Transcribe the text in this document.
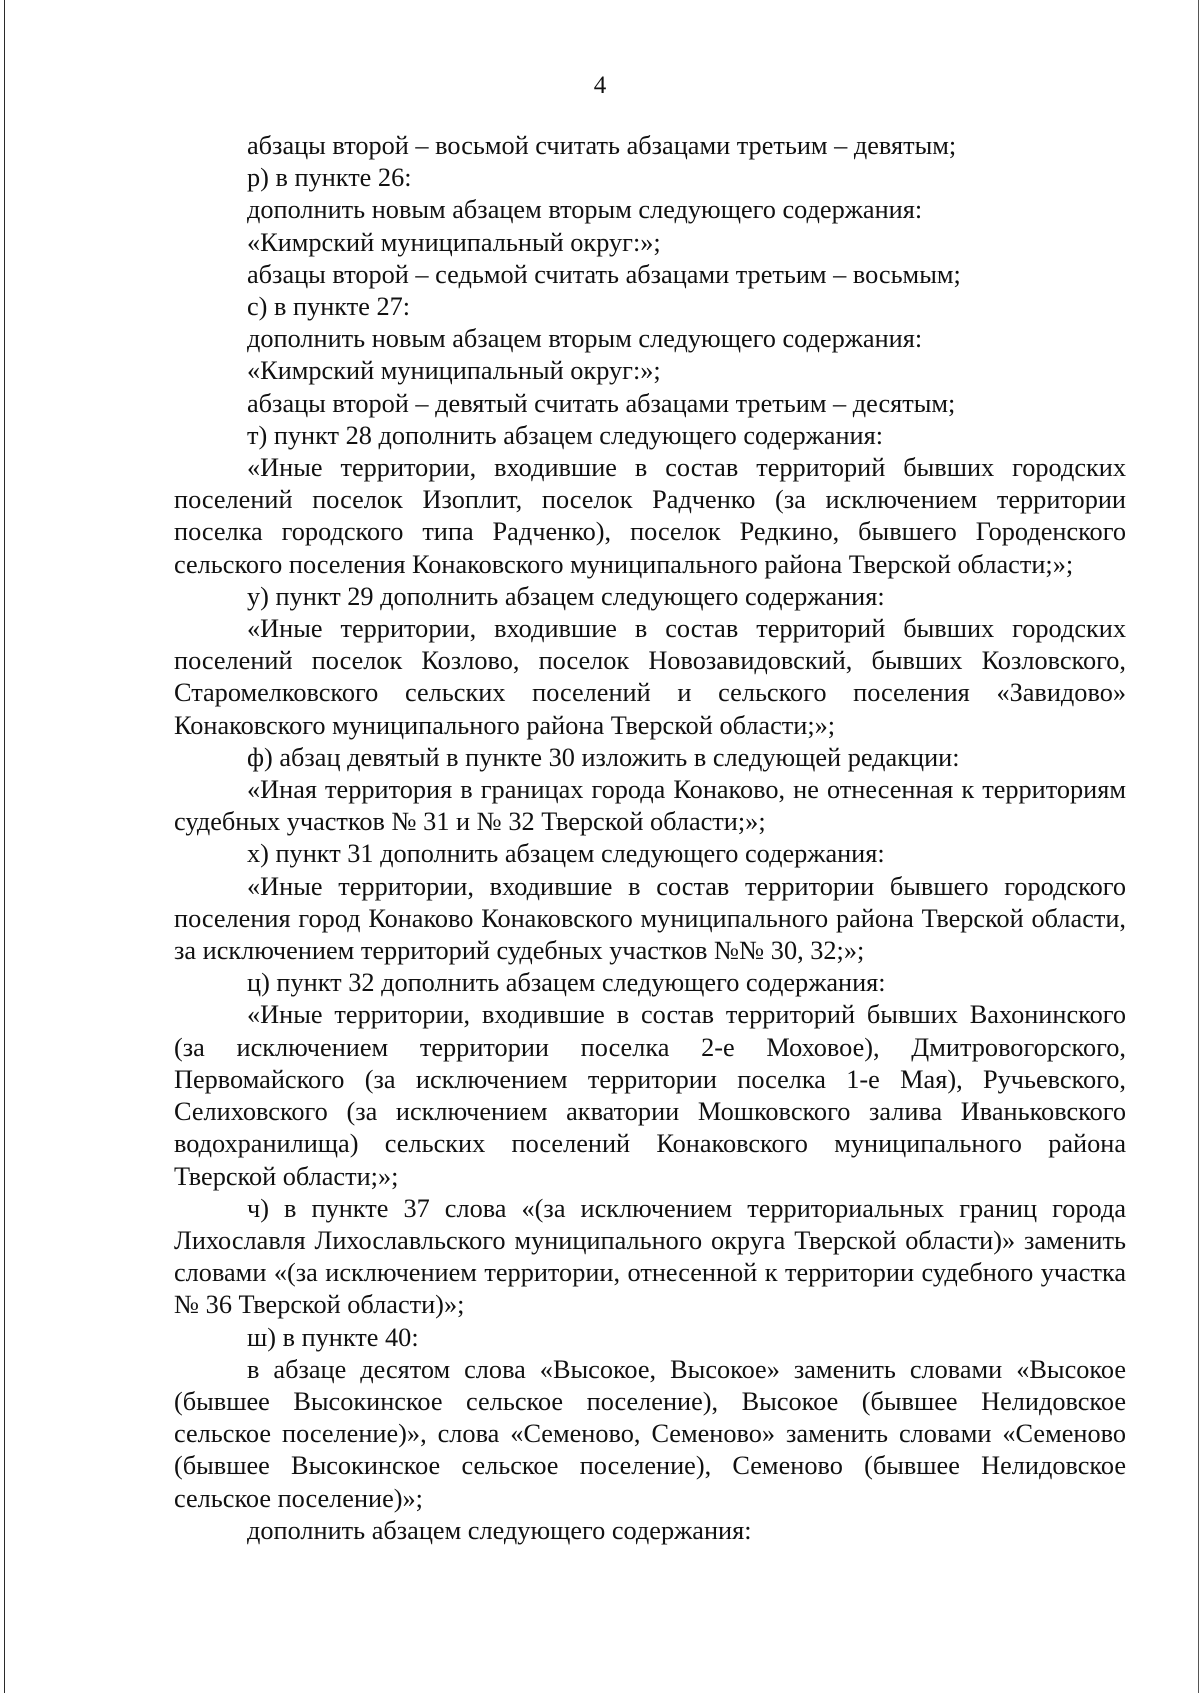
4

абзацы второй – восьмой считать абзацами третьим – девятым;

р) в пункте 26:

дополнить новым абзацем вторым следующего содержания:

«Кимрский муниципальный округ:»;

абзацы второй – седьмой считать абзацами третьим – восьмым;

с) в пункте 27:

дополнить новым абзацем вторым следующего содержания:

«Кимрский муниципальный округ:»;

абзацы второй – девятый считать абзацами третьим – десятым;

т) пункт 28 дополнить абзацем следующего содержания:

«Иные территории, входившие в состав территорий бывших городских поселений поселок Изоплит, поселок Радченко (за исключением территории поселка городского типа Радченко), поселок Редкино, бывшего Городенского сельского поселения Конаковского муниципального района Тверской области;»;

у) пункт 29 дополнить абзацем следующего содержания:

«Иные территории, входившие в состав территорий бывших городских поселений поселок Козлово, поселок Новозавидовский, бывших Козловского, Старомелковского сельских поселений и сельского поселения «Завидово» Конаковского муниципального района Тверской области;»;

ф) абзац девятый в пункте 30 изложить в следующей редакции:

«Иная территория в границах города Конаково, не отнесенная к территориям судебных участков № 31 и № 32 Тверской области;»;

х) пункт 31 дополнить абзацем следующего содержания:

«Иные территории, входившие в состав территории бывшего городского поселения город Конаково Конаковского муниципального района Тверской области, за исключением территорий судебных участков №№ 30, 32;»;

ц) пункт 32 дополнить абзацем следующего содержания:

«Иные территории, входившие в состав территорий бывших Вахонинского (за исключением территории поселка 2-е Моховое), Дмитровогорского, Первомайского (за исключением территории поселка 1-е Мая), Ручьевского, Селиховского (за исключением акватории Мошковского залива Иваньковского водохранилища) сельских поселений Конаковского муниципального района Тверской области;»;

ч) в пункте 37 слова «(за исключением территориальных границ города Лихославля Лихославльского муниципального округа Тверской области)» заменить словами «(за исключением территории, отнесенной к территории судебного участка № 36 Тверской области)»;

ш) в пункте 40:

в абзаце десятом слова «Высокое, Высокое» заменить словами «Высокое (бывшее Высокинское сельское поселение), Высокое (бывшее Нелидовское сельское поселение)», слова «Семеново, Семеново» заменить словами «Семеново (бывшее Высокинское сельское поселение), Семеново (бывшее Нелидовское сельское поселение)»;

дополнить абзацем следующего содержания:
